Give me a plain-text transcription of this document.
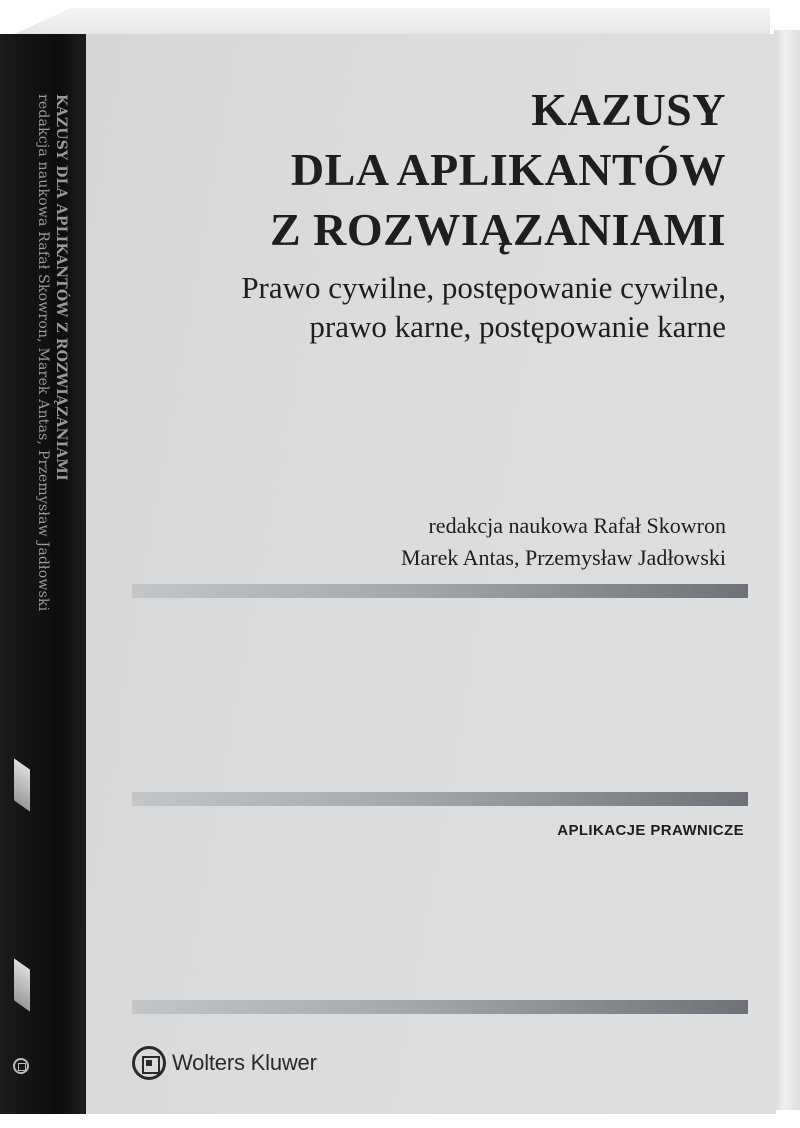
KAZUSY DLA APLIKANTÓW Z ROZWIĄZANIAMI
redakcja naukowa Rafał Skowron, Marek Antas, Przemysław Jadłowski	KAZUSY
DLA APLIKANTÓW
Z ROZWIĄZANIAMI
Prawo cywilne, postępowanie cywilne,
prawo karne, postępowanie karne
redakcja naukowa Rafał Skowron
Marek Antas, Przemysław Jadłowski
APLIKACJE PRAWNICZE
Wolters Kluwer
